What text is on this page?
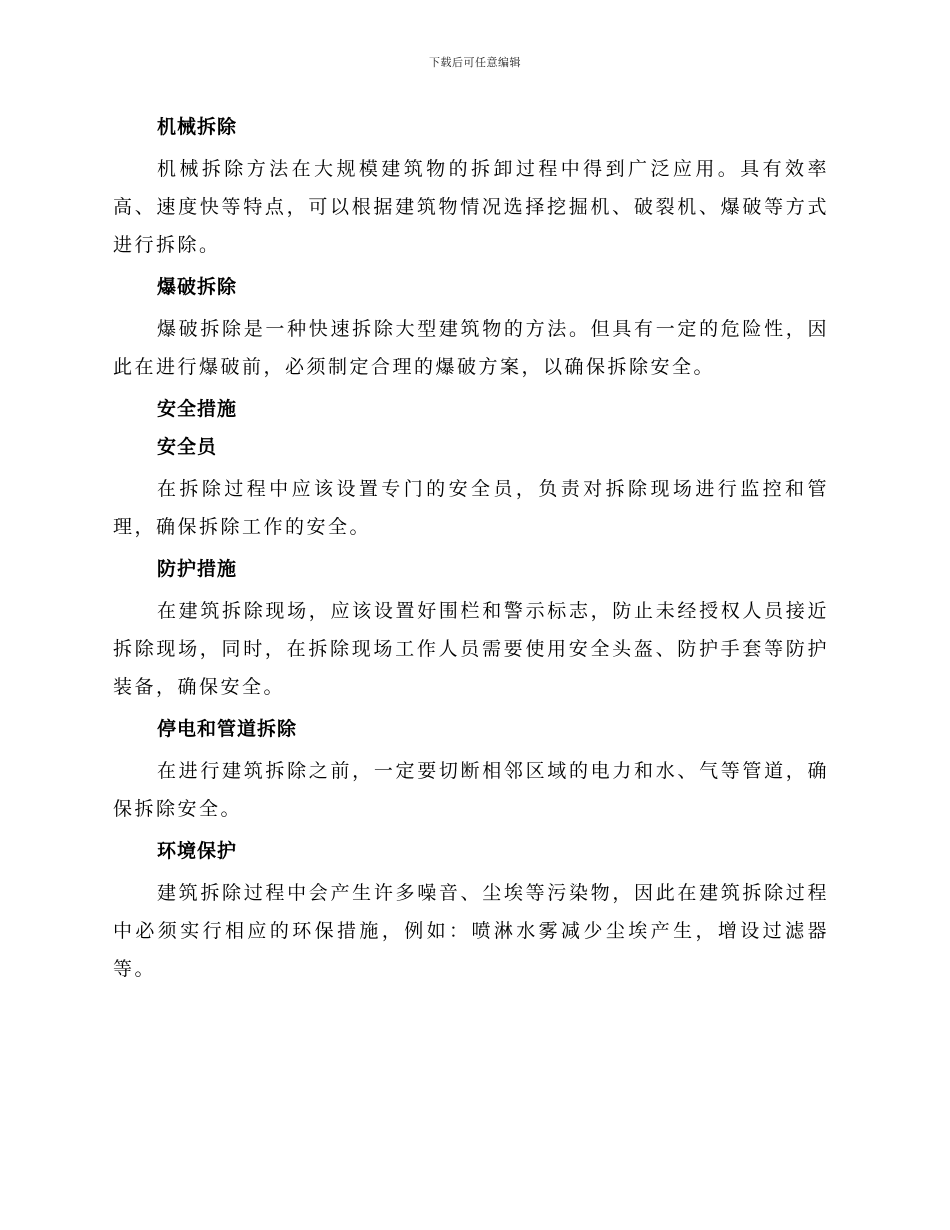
下载后可任意编辑
机械拆除

机械拆除方法在大规模建筑物的拆卸过程中得到广泛应用。具有效率高、速度快等特点，可以根据建筑物情况选择挖掘机、破裂机、爆破等方式进行拆除。

爆破拆除

爆破拆除是一种快速拆除大型建筑物的方法。但具有一定的危险性，因此在进行爆破前，必须制定合理的爆破方案，以确保拆除安全。

安全措施
安全员

在拆除过程中应该设置专门的安全员，负责对拆除现场进行监控和管理，确保拆除工作的安全。

防护措施

在建筑拆除现场，应该设置好围栏和警示标志，防止未经授权人员接近拆除现场，同时，在拆除现场工作人员需要使用安全头盔、防护手套等防护装备，确保安全。

停电和管道拆除

在进行建筑拆除之前，一定要切断相邻区域的电力和水、气等管道，确保拆除安全。

环境保护

建筑拆除过程中会产生许多噪音、尘埃等污染物，因此在建筑拆除过程中必须实行相应的环保措施，例如：喷淋水雾减少尘埃产生，增设过滤器等。
